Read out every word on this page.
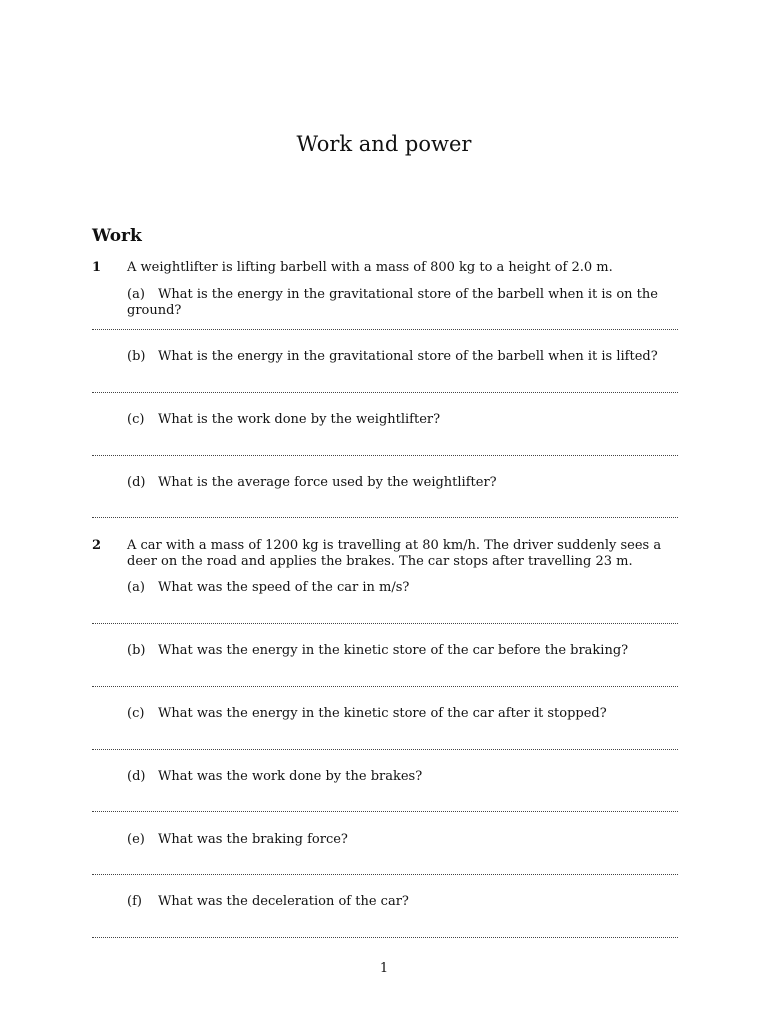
Work and power
Work
1 A weightlifter is lifting barbell with a mass of 800 kg to a height of 2.0 m.
(a) What is the energy in the gravitational store of the barbell when it is on the ground?
(b) What is the energy in the gravitational store of the barbell when it is lifted?
(c) What is the work done by the weightlifter?
(d) What is the average force used by the weightlifter?
2 A car with a mass of 1200 kg is travelling at 80 km/h. The driver suddenly sees a deer on the road and applies the brakes. The car stops after travelling 23 m.
(a) What was the speed of the car in m/s?
(b) What was the energy in the kinetic store of the car before the braking?
(c) What was the energy in the kinetic store of the car after it stopped?
(d) What was the work done by the brakes?
(e) What was the braking force?
(f) What was the deceleration of the car?
1
